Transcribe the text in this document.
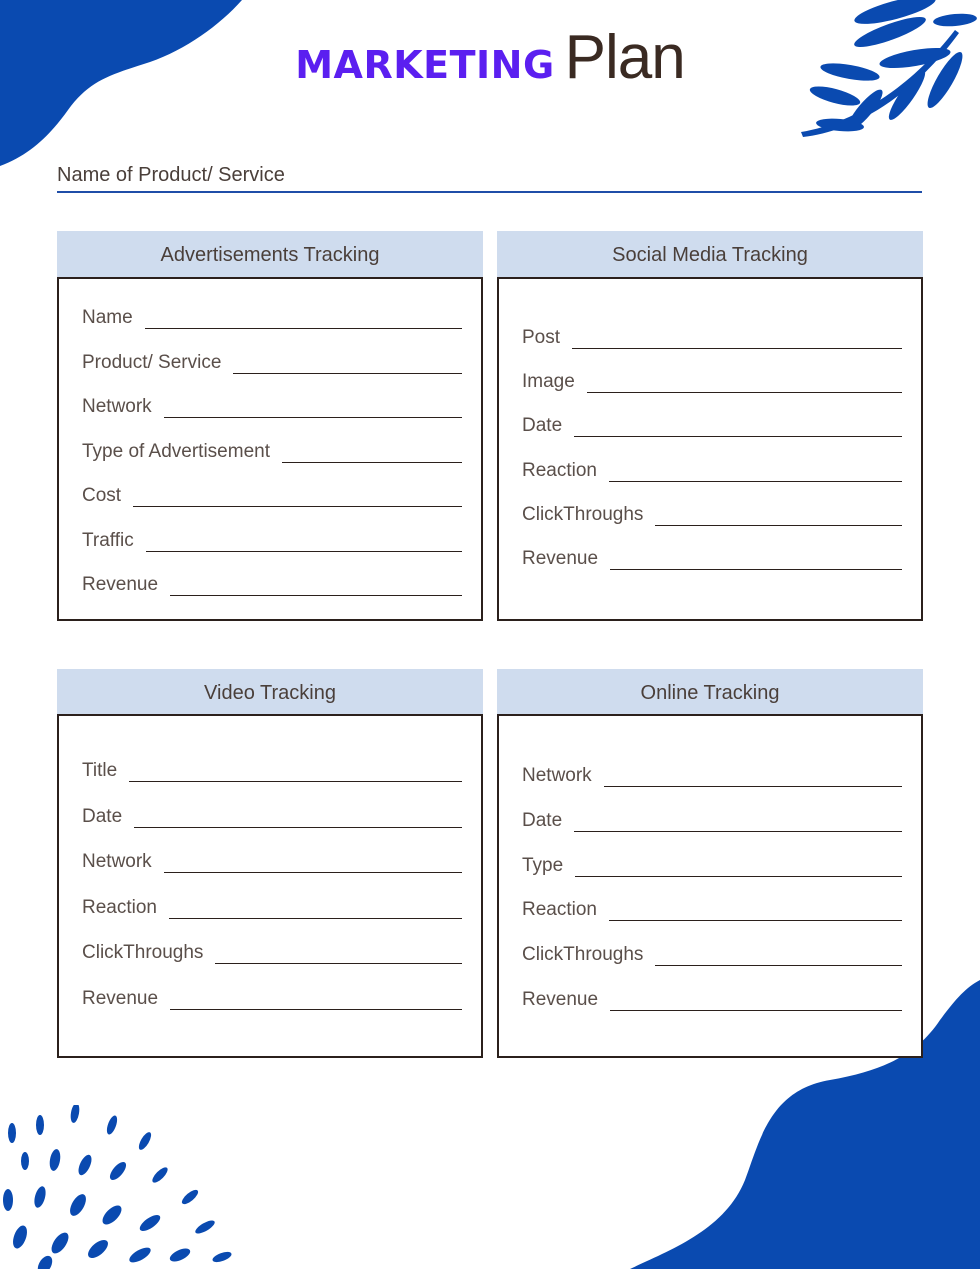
MARKETING Plan
Name of Product/ Service
Advertisements Tracking
Name
Product/ Service
Network
Type of Advertisement
Cost
Traffic
Revenue
Social Media Tracking
Post
Image
Date
Reaction
ClickThroughs
Revenue
Video Tracking
Title
Date
Network
Reaction
ClickThroughs
Revenue
Online Tracking
Network
Date
Type
Reaction
ClickThroughs
Revenue
